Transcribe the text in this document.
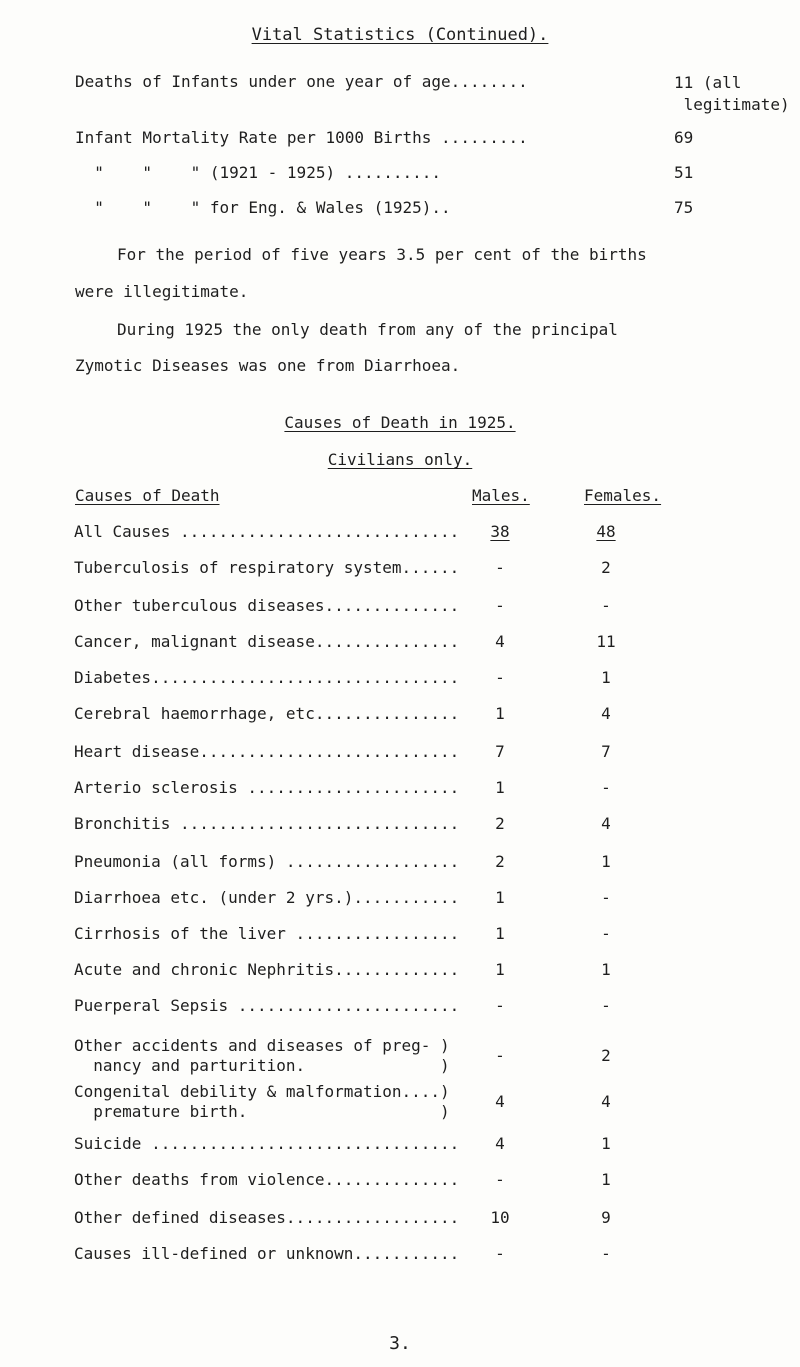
Vital Statistics (Continued).
Deaths of Infants under one year of age........	11 (all
legitimate)
Infant Mortality Rate per 1000 Births .........	69
"    "    " (1921 - 1925) ..........	51
"    "    " for Eng. & Wales (1925)..	75
For the period of five years 3.5 per cent of the births
were illegitimate.
During 1925 the only death from any of the principal
Zymotic Diseases was one from Diarrhoea.
Causes of Death in 1925.
Civilians only.
Causes of Death	Males.	Females.
All Causes .............................	38	48
Tuberculosis of respiratory system......	-	2
Other tuberculous diseases..............	-	-
Cancer, malignant disease...............	4	11
Diabetes................................	-	1
Cerebral haemorrhage, etc...............	1	4
Heart disease...........................	7	7
Arterio sclerosis ......................	1	-
Bronchitis .............................	2	4
Pneumonia (all forms) ..................	2	1
Diarrhoea etc. (under 2 yrs.)...........	1	-
Cirrhosis of the liver .................	1	-
Acute and chronic Nephritis.............	1	1
Puerperal Sepsis .......................	-	-
Other accidents and diseases of preg- )
nancy and parturition.              )
-	2
Congenital debility & malformation....)
premature birth.                    )
4	4
Suicide ................................	4	1
Other deaths from violence..............	-	1
Other defined diseases..................	10	9
Causes ill-defined or unknown...........	-	-
3.
